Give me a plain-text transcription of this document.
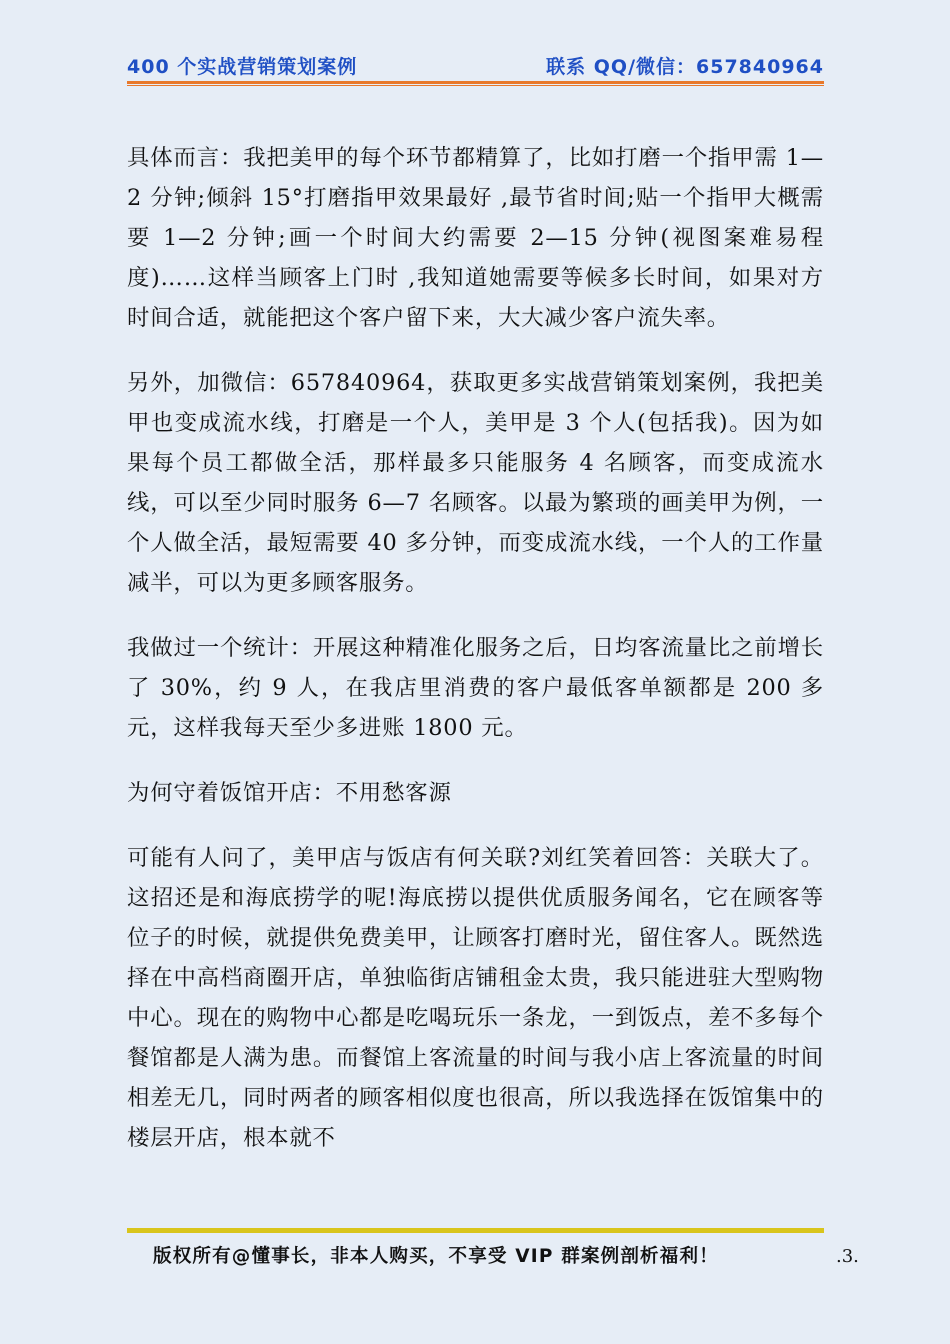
400 个实战营销策划案例	联系 QQ/微信：657840964

具体而言：我把美甲的每个环节都精算了，比如打磨一个指甲需 1—2 分钟;倾斜 15°打磨指甲效果最好 ,最节省时间;贴一个指甲大概需要 1—2 分钟;画一个时间大约需要 2—15 分钟(视图案难易程度)……这样当顾客上门时 ,我知道她需要等候多长时间，如果对方时间合适，就能把这个客户留下来，大大减少客户流失率。

另外，加微信：657840964，获取更多实战营销策划案例，我把美甲也变成流水线，打磨是一个人，美甲是 3 个人(包括我)。因为如果每个员工都做全活，那样最多只能服务 4 名顾客，而变成流水线，可以至少同时服务 6—7 名顾客。以最为繁琐的画美甲为例，一个人做全活，最短需要 40 多分钟，而变成流水线，一个人的工作量减半，可以为更多顾客服务。

我做过一个统计：开展这种精准化服务之后，日均客流量比之前增长了 30%，约 9 人，在我店里消费的客户最低客单额都是 200 多元，这样我每天至少多进账 1800 元。

为何守着饭馆开店：不用愁客源

可能有人问了，美甲店与饭店有何关联?刘红笑着回答：关联大了。这招还是和海底捞学的呢!海底捞以提供优质服务闻名，它在顾客等位子的时候，就提供免费美甲，让顾客打磨时光，留住客人。既然选择在中高档商圈开店，单独临街店铺租金太贵，我只能进驻大型购物中心。现在的购物中心都是吃喝玩乐一条龙，一到饭点，差不多每个餐馆都是人满为患。而餐馆上客流量的时间与我小店上客流量的时间相差无几，同时两者的顾客相似度也很高，所以我选择在饭馆集中的楼层开店，根本就不

版权所有@懂事长，非本人购买，不享受 VIP 群案例剖析福利！	.3.
